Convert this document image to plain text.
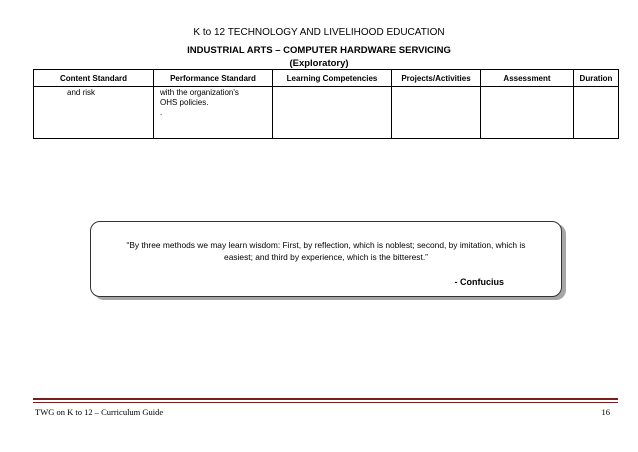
K to 12 TECHNOLOGY AND LIVELIHOOD EDUCATION
INDUSTRIAL ARTS – COMPUTER HARDWARE SERVICING
(Exploratory)
Content Standard	Performance Standard	Learning Competencies	Projects/Activities	Assessment	Duration

and risk	with the organization's
OHS policies.
.				

“By three methods we may learn wisdom: First, by reflection, which is noblest; second, by imitation, which is
easiest; and third by experience, which is the bitterest.”
- Confucius
TWG on K to 12 – Curriculum Guide	16
